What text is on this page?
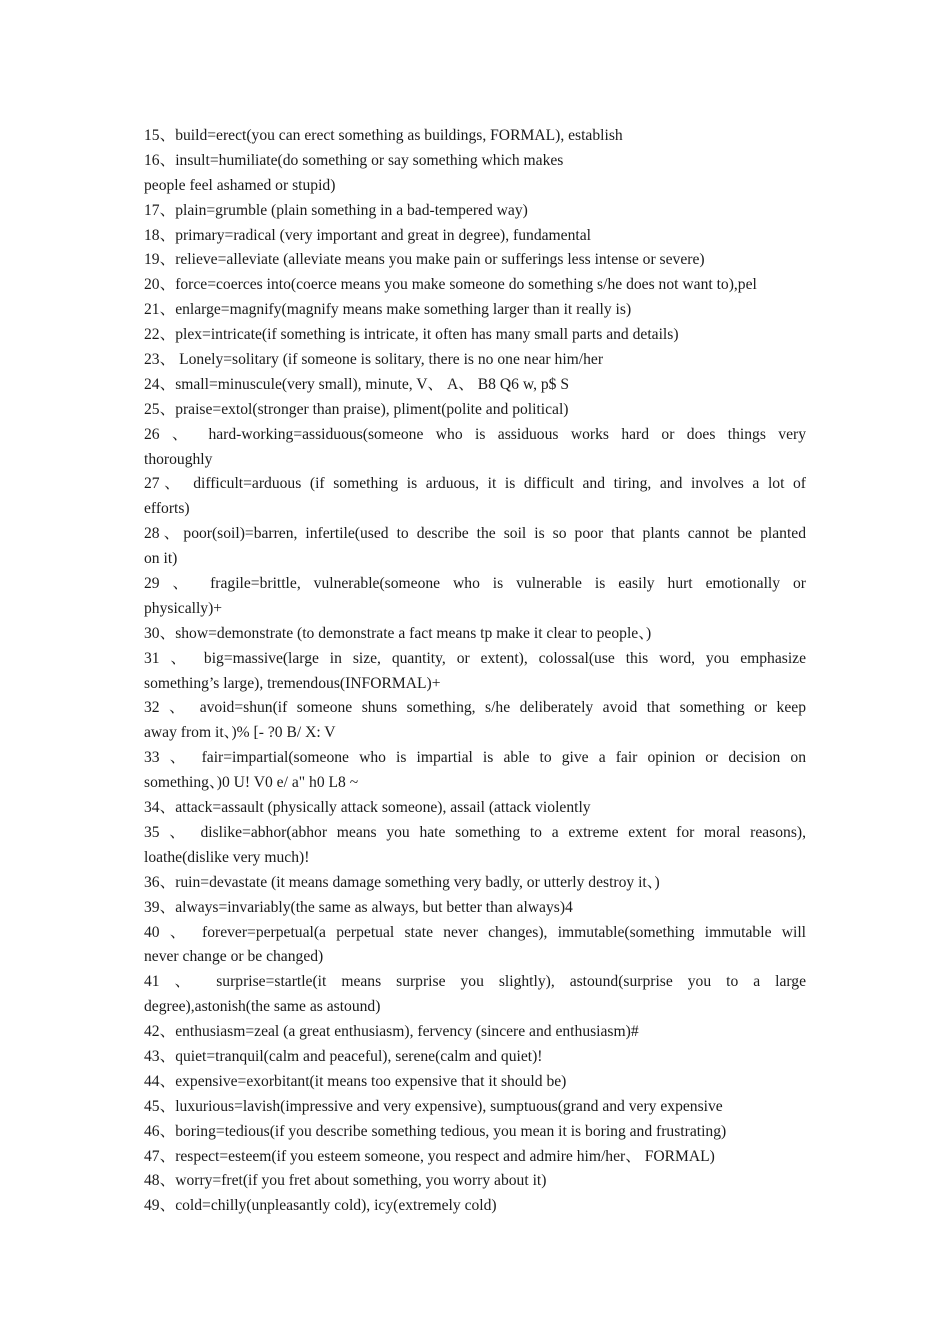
15、build=erect(you can erect something as buildings, FORMAL), establish
16、insult=humiliate(do something or say something which makes
people feel ashamed or stupid)
17、plain=grumble (plain something in a bad-tempered way)
18、primary=radical (very important and great in degree), fundamental
19、relieve=alleviate (alleviate means you make pain or sufferings less intense or severe)
20、force=coerces into(coerce means you make someone do something s/he does not want to),pel
21、enlarge=magnify(magnify means make something larger than it really is)
22、plex=intricate(if something is intricate, it often has many small parts and details)
23、 Lonely=solitary (if someone is solitary, there is no one near him/her
24、small=minuscule(very small), minute, V、 A、 B8 Q6 w, p$ S
25、praise=extol(stronger than praise), pliment(polite and political)
26 、 hard-working=assiduous(someone who is assiduous works hard or does things very
thoroughly
27、 difficult=arduous (if something is arduous, it is difficult and tiring, and involves a lot of
efforts)
28、poor(soil)=barren, infertile(used to describe the soil is so poor that plants cannot be planted
on it)
29 、 fragile=brittle, vulnerable(someone who is vulnerable is easily hurt emotionally or
physically)+
30、show=demonstrate (to demonstrate a fact means tp make it clear to people、)
31 、 big=massive(large in size, quantity, or extent), colossal(use this word, you emphasize
something’s large), tremendous(INFORMAL)+
32 、 avoid=shun(if someone shuns something, s/he deliberately avoid that something or keep
away from it、)% [- ?0 B/ X: V
33 、 fair=impartial(someone who is impartial is able to give a fair opinion or decision on
something、)0 U! V0 e/ a" h0 L8 ~
34、attack=assault (physically attack someone), assail (attack violently
35 、 dislike=abhor(abhor means you hate something to a extreme extent for moral reasons),
loathe(dislike very much)!
36、ruin=devastate (it means damage something very badly, or utterly destroy it、)
39、always=invariably(the same as always, but better than always)4
40 、 forever=perpetual(a perpetual state never changes), immutable(something immutable will
never change or be changed)
41 、 surprise=startle(it means surprise you slightly), astound(surprise you to a large
degree),astonish(the same as astound)
42、enthusiasm=zeal (a great enthusiasm), fervency (sincere and enthusiasm)#
43、quiet=tranquil(calm and peaceful), serene(calm and quiet)!
44、expensive=exorbitant(it means too expensive that it should be)
45、luxurious=lavish(impressive and very expensive), sumptuous(grand and very expensive
46、boring=tedious(if you describe something tedious, you mean it is boring and frustrating)
47、respect=esteem(if you esteem someone, you respect and admire him/her、 FORMAL)
48、worry=fret(if you fret about something, you worry about it)
49、cold=chilly(unpleasantly cold), icy(extremely cold)
